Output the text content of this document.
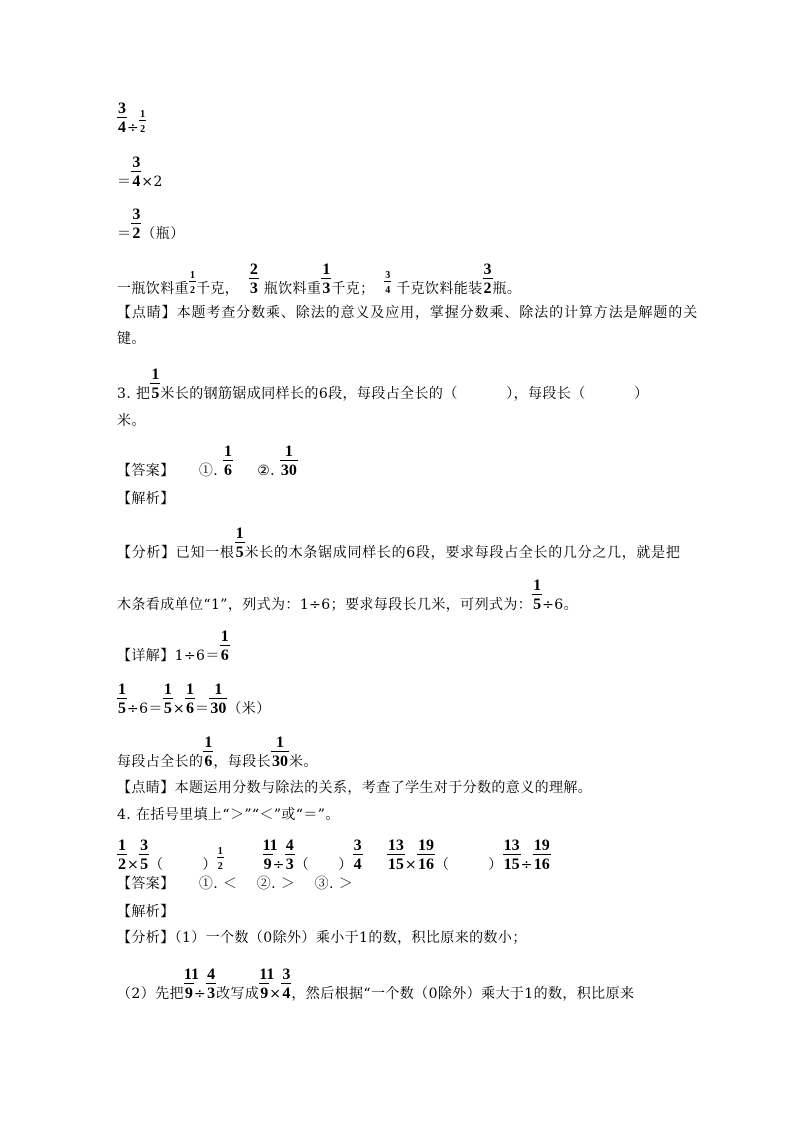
$\frac{3}{4}\div \frac{1}{2}$
＝ $\frac{3}{4}\times 2$
＝ $\frac{3}{2}$（瓶）
一瓶饮料重 $\frac{1}{2}$千克， $\frac{2}{3}$ 瓶饮料重 $\frac{1}{3}$千克； $\frac{3}{4}$ 千克饮料能装 $\frac{3}{2}$瓶。
【点睛】本题考查分数乘、除法的意义及应用，掌握分数乘、除法的计算方法是解题的关
键。
3. 把 $\frac{1}{5}$米长的钢筋锯成同样长的6段，每段占全长的（          ），每段长（          ）
米。
【答案】     ①. $\frac{1}{6}$     ②. $\frac{1}{30}$
【解析】
【分析】已知一根 $\frac{1}{5}$米长的木条锯成同样长的6段，要求每段占全长的几分之几，就是把
木条看成单位“1”，列式为：1÷6；要求每段长几米，可列式为： $\frac{1}{5}\div 6$。
【详解】$1\div 6= \frac{1}{6}$
$\frac{1}{5}\div 6= \frac{1}{5}\times \frac{1}{6}= \frac{1}{30}$（米）
每段占全长的 $\frac{1}{6}$，每段长 $\frac{1}{30}$米。
【点睛】本题运用分数与除法的关系，考查了学生对于分数的意义的理解。
4. 在括号里填上“＞”“＜”或“＝”。
$\frac{1}{2}\times \frac{3}{5}$（        ） $\frac{1}{2} \frac{11}{9}\div \frac{4}{3}$（      ） $\frac{3}{4} \frac{13}{15}\times \frac{19}{16}$（        ） $\frac{13}{15}\div \frac{19}{16}$
【答案】     ①. ＜    ②. ＞    ③. ＞
【解析】
【分析】（1）一个数（0除外）乘小于1的数，积比原来的数小；
（2）先把 $\frac{11}{9}\div \frac{4}{3}$改写成 $\frac{11}{9}\times \frac{3}{4}$，然后根据“一个数（0除外）乘大于1的数，积比原来
